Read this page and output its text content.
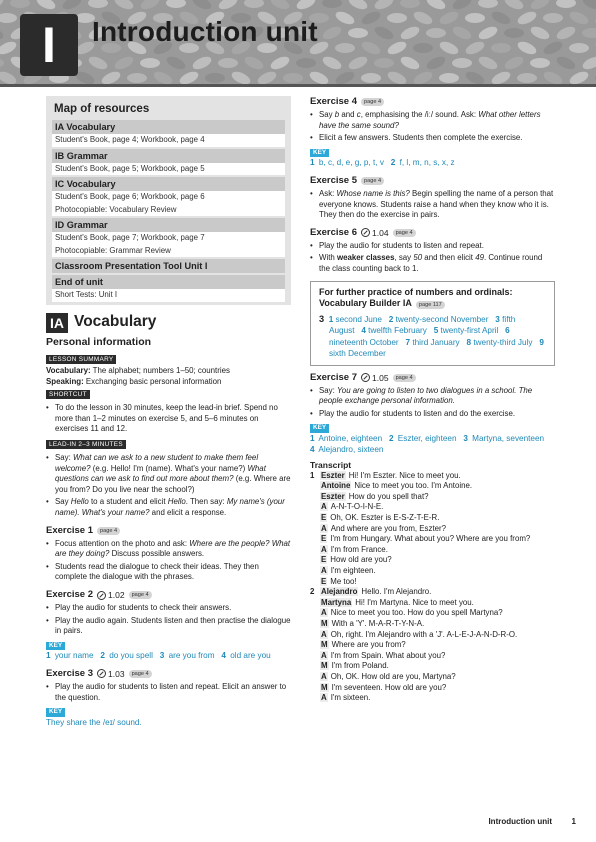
I	Introduction unit
Map of resources
IA Vocabulary
Student's Book, page 4; Workbook, page 4
IB Grammar
Student's Book, page 5; Workbook, page 5
IC Vocabulary
Student's Book, page 6; Workbook, page 6
Photocopiable: Vocabulary Review
ID Grammar
Student's Book, page 7; Workbook, page 7
Photocopiable: Grammar Review
Classroom Presentation Tool Unit I
End of unit
Short Tests: Unit I
IA Vocabulary
Personal information
LESSON SUMMARY

Vocabulary: The alphabet; numbers 1–50; countries

Speaking: Exchanging basic personal information

SHORTCUT
• To do the lesson in 30 minutes, keep the lead-in brief. Spend no more than 1–2 minutes on exercise 5, and 5–6 minutes on exercises 11 and 12.
LEAD-IN 2–3 MINUTES
• Say: What can we ask to a new student to make them feel welcome? (e.g. Hello! I'm (name). What's your name?) What questions can we ask to find out more about them? (e.g. Where are you from? Do you live near the school?)
• Say Hello to a student and elicit Hello. Then say: My name's (your name). What's your name? and elicit a response.
Exercise 1	page 4
• Focus attention on the photo and ask: Where are the people? What are they doing? Discuss possible answers.
• Students read the dialogue to check their ideas. They then complete the dialogue with the phrases.
Exercise 2 1.02	page 4
• Play the audio for students to check their answers.
• Play the audio again. Students listen and then practise the dialogue in pairs.
KEY
1 your name 2 do you spell 3 are you from 4 old are you
Exercise 3 1.03	page 4
• Play the audio for students to listen and repeat. Elicit an answer to the question.
KEY
They share the /eɪ/ sound.
Exercise 4	page 4
• Say b and c, emphasising the /iː/ sound. Ask: What other letters have the same sound?
• Elicit a few answers. Students then complete the exercise.
KEY
1 b, c, d, e, g, p, t, v 2 f, l, m, n, s, x, z
Exercise 5	page 4
• Ask: Whose name is this? Begin spelling the name of a person that everyone knows. Students raise a hand when they know who it is. They then do the exercise in pairs.
Exercise 6 1.04	page 4
• Play the audio for students to listen and repeat.
• With weaker classes, say 50 and then elicit 49. Continue round the class counting back to 1.
For further practice of numbers and ordinals:
Vocabulary Builder IA page 117
3 1 second June 2 twenty-second November 3 fifth August 4 twelfth February 5 twenty-first April 6 nineteenth October 7 third January 8 twenty-third July 9 sixth December
Exercise 7 1.05	page 4
• Say: You are going to listen to two dialogues in a school. The people exchange personal information.
• Play the audio for students to listen and do the exercise.
KEY
1 Antoine, eighteen 2 Eszter, eighteen 3 Martyna, seventeen   4 Alejandro, sixteen
Transcript
1 Eszter Hi! I'm Eszter. Nice to meet you.
Antoine Nice to meet you too. I'm Antoine.
Eszter How do you spell that?
A A-N-T-O-I-N-E.
E Oh, OK. Eszter is E-S-Z-T-E-R.
A And where are you from, Eszter?
E I'm from Hungary. What about you? Where are you from?
A I'm from France.
E How old are you?
A I'm eighteen.
E Me too!
2 Alejandro Hello. I'm Alejandro.
Martyna Hi! I'm Martyna. Nice to meet you.
A Nice to meet you too. How do you spell Martyna?
M With a 'Y'. M-A-R-T-Y-N-A.
A Oh, right. I'm Alejandro with a 'J'. A-L-E-J-A-N-D-R-O.
M Where are you from?
A I'm from Spain. What about you?
M I'm from Poland.
A Oh, OK. How old are you, Martyna?
M I'm seventeen. How old are you?
A I'm sixteen.
Introduction unit 1
